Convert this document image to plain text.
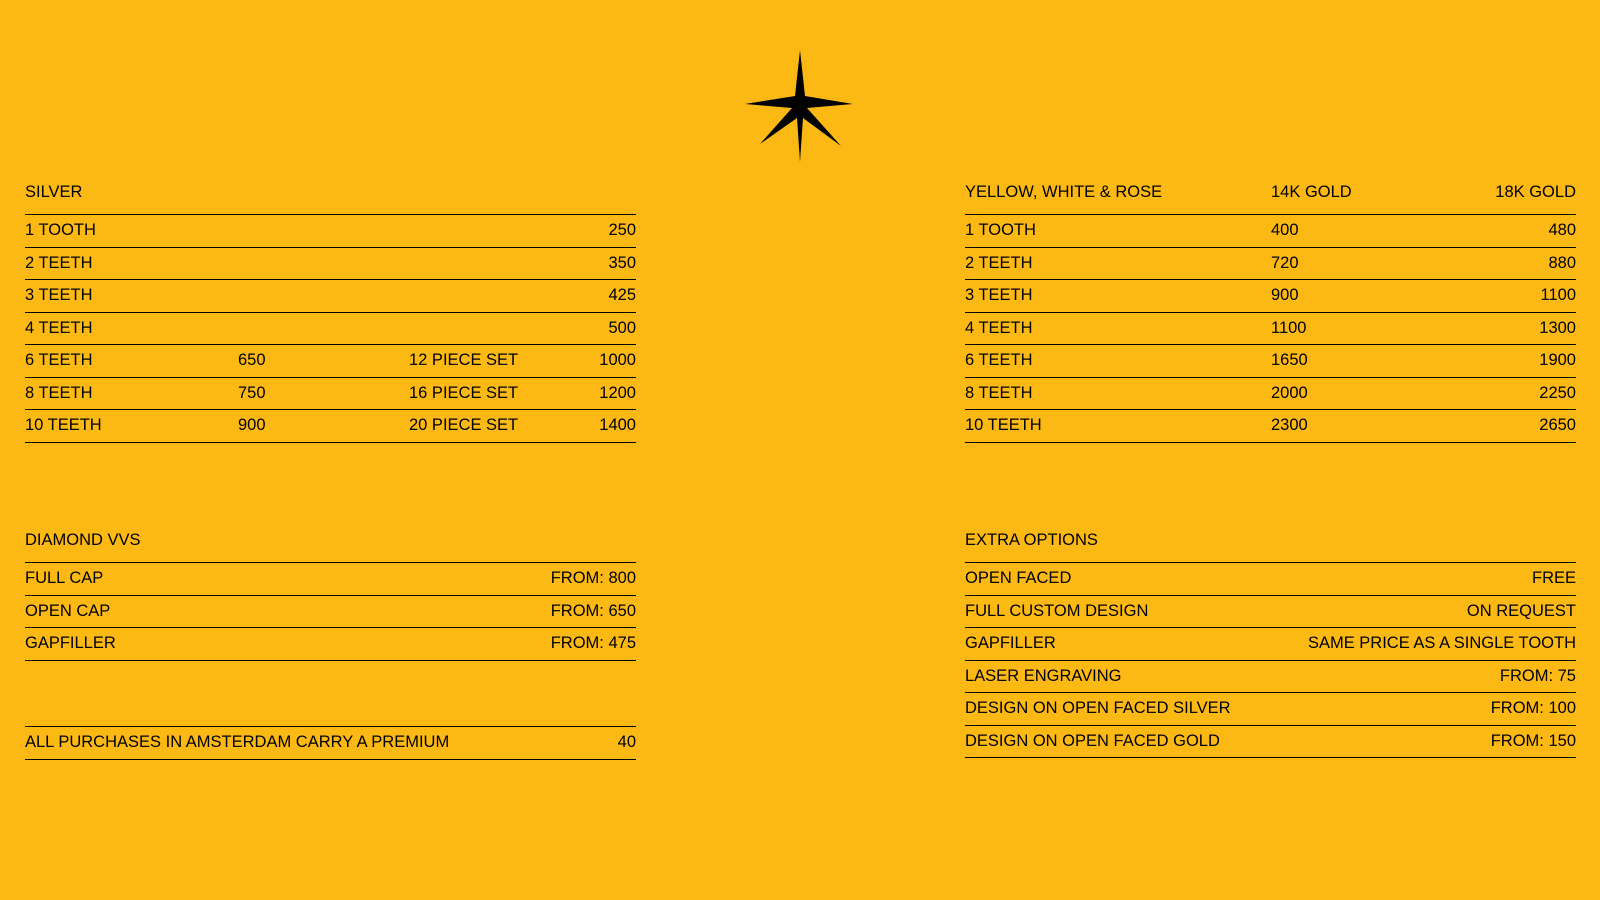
SILVER
1 TOOTH	250
2 TEETH	350
3 TEETH	425
4 TEETH	500
6 TEETH	650	12 PIECE SET	1000
8 TEETH	750	16 PIECE SET	1200
10 TEETH	900	20 PIECE SET	1400
YELLOW, WHITE & ROSE	14K GOLD	18K GOLD
1 TOOTH	400	480
2 TEETH	720	880
3 TEETH	900	1100
4 TEETH	1100	1300
6 TEETH	1650	1900
8 TEETH	2000	2250
10 TEETH	2300	2650
DIAMOND VVS
FULL CAP	FROM: 800
OPEN CAP	FROM: 650
GAPFILLER	FROM: 475
ALL PURCHASES IN AMSTERDAM CARRY A PREMIUM	40
EXTRA OPTIONS
OPEN FACED	FREE
FULL CUSTOM DESIGN	ON REQUEST
GAPFILLER	SAME PRICE AS A SINGLE TOOTH
LASER ENGRAVING	FROM: 75
DESIGN ON OPEN FACED SILVER	FROM: 100
DESIGN ON OPEN FACED GOLD	FROM: 150
